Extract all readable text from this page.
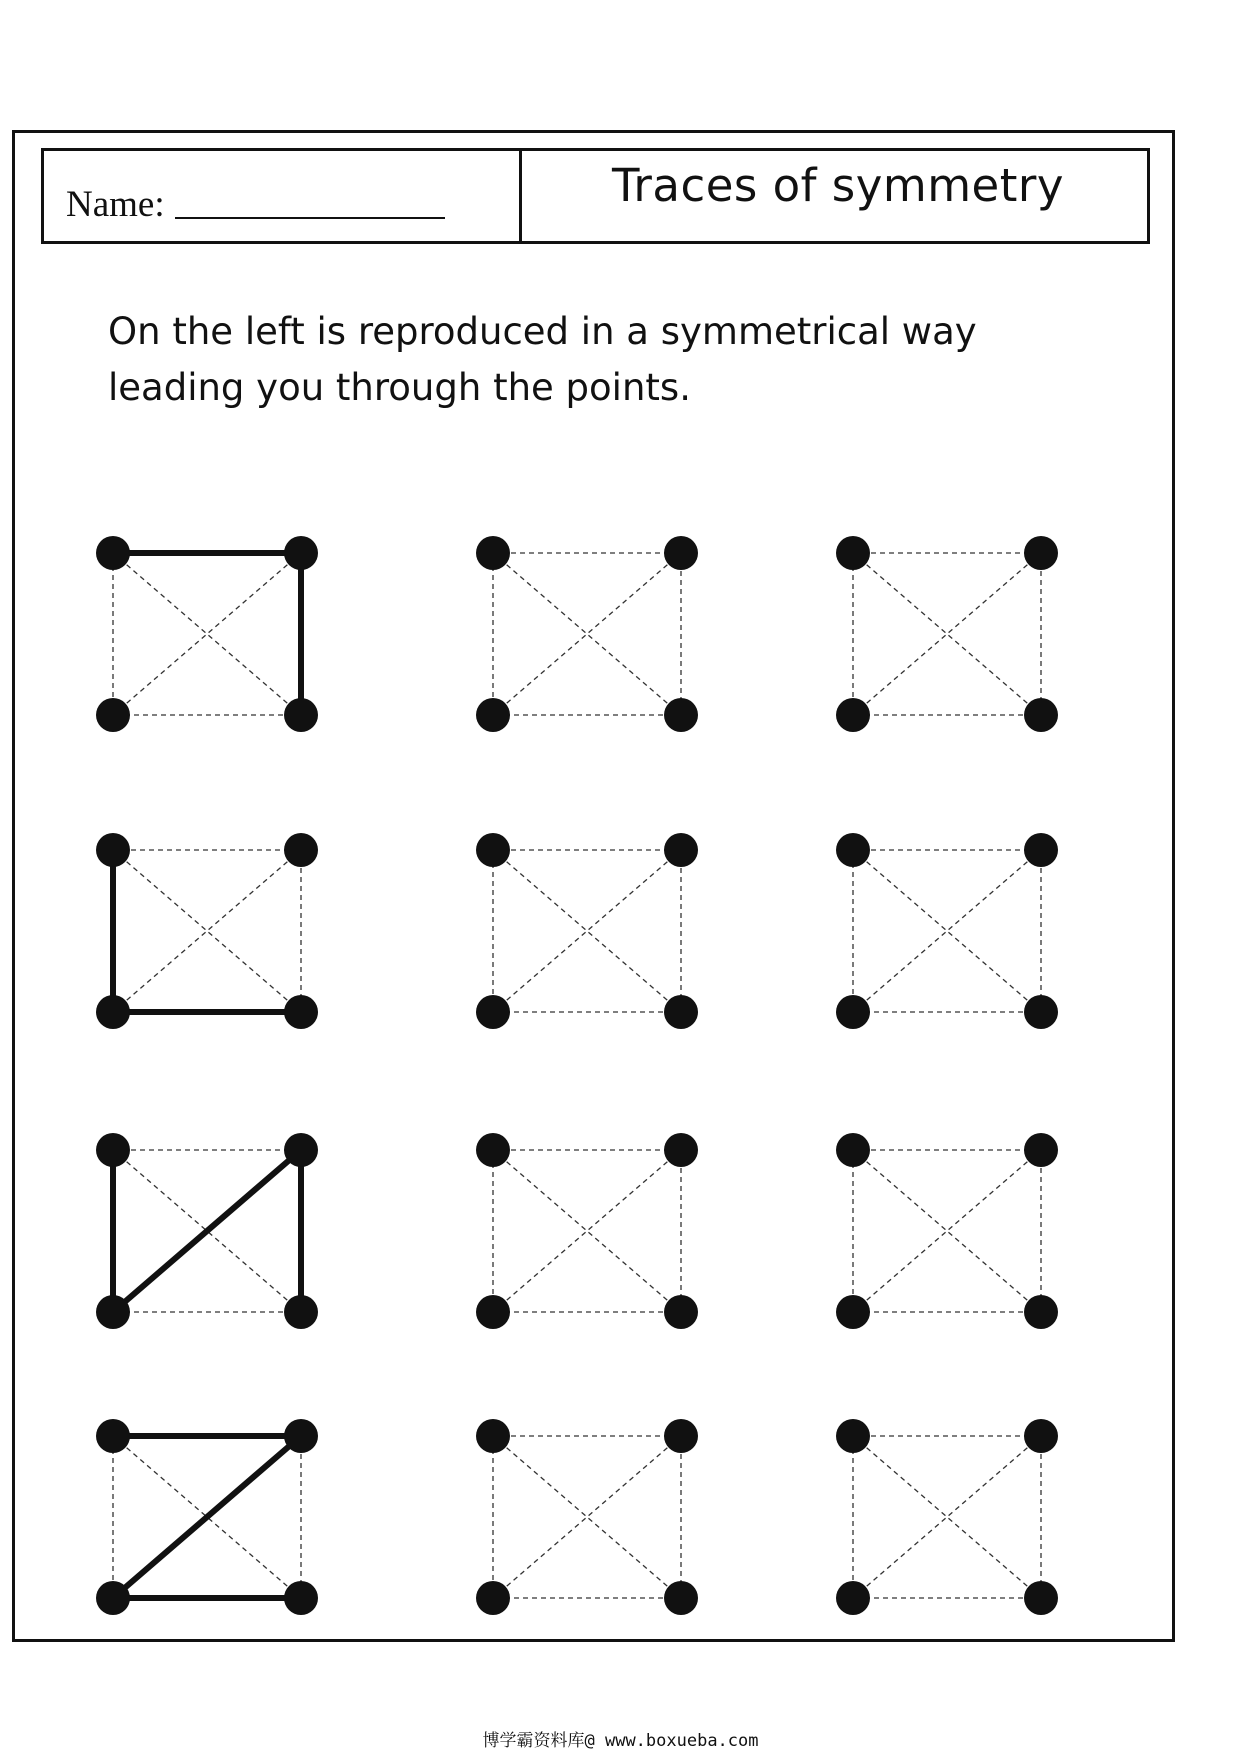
Name:	Traces of symmetry
On the left is reproduced in a symmetrical way
leading you through the points.
博学霸资料库@ www.boxueba.com
